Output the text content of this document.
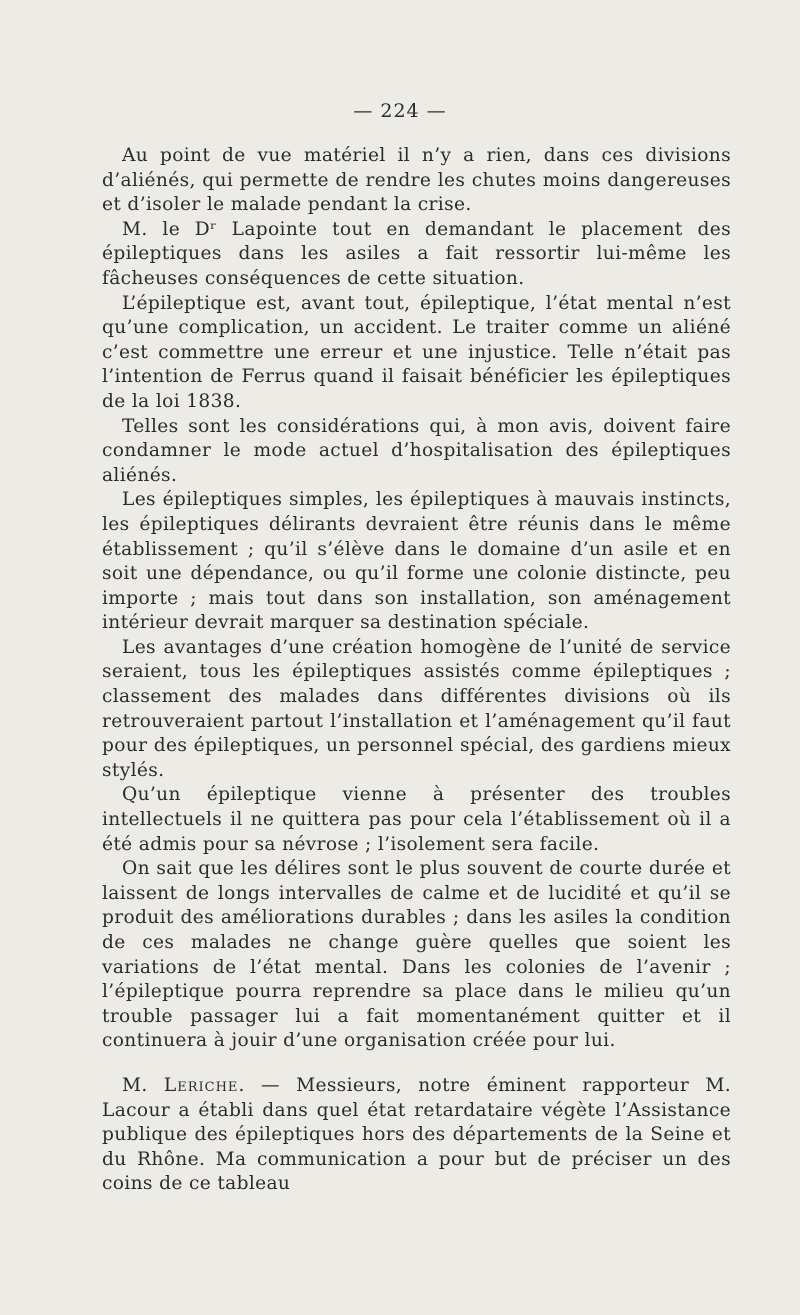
— 224 —

Au point de vue matériel il n’y a rien, dans ces divisions d’aliénés, qui permette de rendre les chutes moins dangereuses et d’isoler le malade pendant la crise.

M. le Dʳ Lapointe tout en demandant le placement des épileptiques dans les asiles a fait ressortir lui-même les fâcheuses conséquences de cette situation.

L’épileptique est, avant tout, épileptique, l’état mental n’est qu’une complication, un accident. Le traiter comme un aliéné c’est commettre une erreur et une injustice. Telle n’était pas l’intention de Ferrus quand il faisait bénéficier les épileptiques de la loi 1838.

Telles sont les considérations qui, à mon avis, doivent faire condamner le mode actuel d’hospitalisation des épileptiques aliénés.

Les épileptiques simples, les épileptiques à mauvais instincts, les épileptiques délirants devraient être réunis dans le même établissement ; qu’il s’élève dans le domaine d’un asile et en soit une dépendance, ou qu’il forme une colonie distincte, peu importe ; mais tout dans son installation, son aménagement intérieur devrait marquer sa destination spéciale.

Les avantages d’une création homogène de l’unité de service seraient, tous les épileptiques assistés comme épileptiques ; classement des malades dans différentes divisions où ils retrouveraient partout l’installation et l’aménagement qu’il faut pour des épileptiques, un personnel spécial, des gardiens mieux stylés.

Qu’un épileptique vienne à présenter des troubles intellectuels il ne quittera pas pour cela l’établissement où il a été admis pour sa névrose ; l’isolement sera facile.

On sait que les délires sont le plus souvent de courte durée et laissent de longs intervalles de calme et de lucidité et qu’il se produit des améliorations durables ; dans les asiles la condition de ces malades ne change guère quelles que soient les variations de l’état mental. Dans les colonies de l’avenir ; l’épileptique pourra reprendre sa place dans le milieu qu’un trouble passager lui a fait momentanément quitter et il continuera à jouir d’une organisation créée pour lui.

M. Leriche. — Messieurs, notre éminent rapporteur M. Lacour a établi dans quel état retardataire végète l’Assistance publique des épileptiques hors des départements de la Seine et du Rhône. Ma communication a pour but de préciser un des coins de ce tableau
